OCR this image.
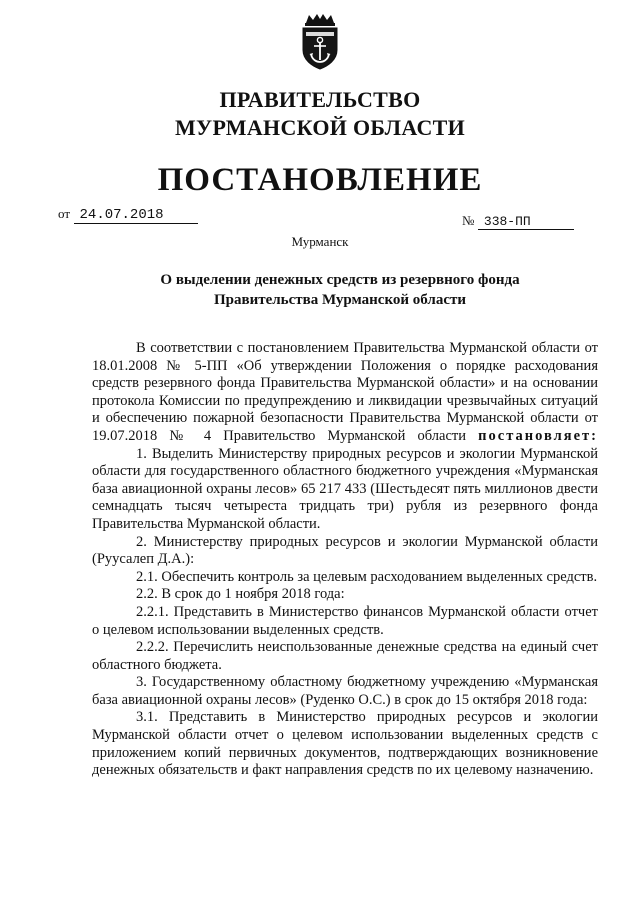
ПРАВИТЕЛЬСТВО
МУРМАНСКОЙ ОБЛАСТИ
ПОСТАНОВЛЕНИЕ
от 24.07.2018	№ 338-ПП
Мурманск
О выделении денежных средств из резервного фонда
Правительства Мурманской области

В соответствии с постановлением Правительства Мурманской области от 18.01.2008 № 5-ПП «Об утверждении Положения о порядке расходования средств резервного фонда Правительства Мурманской области» и на основании протокола Комиссии по предупреждению и ликвидации чрезвычайных ситуаций и обеспечению пожарной безопасности Правительства Мурманской области от 19.07.2018 № 4 Правительство Мурманской области постановляет:

1. Выделить Министерству природных ресурсов и экологии Мурманской области для государственного областного бюджетного учреждения «Мурманская база авиационной охраны лесов» 65 217 433 (Шестьдесят пять миллионов двести семнадцать тысяч четыреста тридцать три) рубля из резервного фонда Правительства Мурманской области.

2. Министерству природных ресурсов и экологии Мурманской области (Руусалеп Д.А.):

2.1. Обеспечить контроль за целевым расходованием выделенных средств.

2.2. В срок до 1 ноября 2018 года:

2.2.1. Представить в Министерство финансов Мурманской области отчет о целевом использовании выделенных средств.

2.2.2. Перечислить неиспользованные денежные средства на единый счет областного бюджета.

3. Государственному областному бюджетному учреждению «Мурманская база авиационной охраны лесов» (Руденко О.С.) в срок до 15 октября 2018 года:

3.1. Представить в Министерство природных ресурсов и экологии Мурманской области отчет о целевом использовании выделенных средств с приложением копий первичных документов, подтверждающих возникновение денежных обязательств и факт направления средств по их целевому назначению.
